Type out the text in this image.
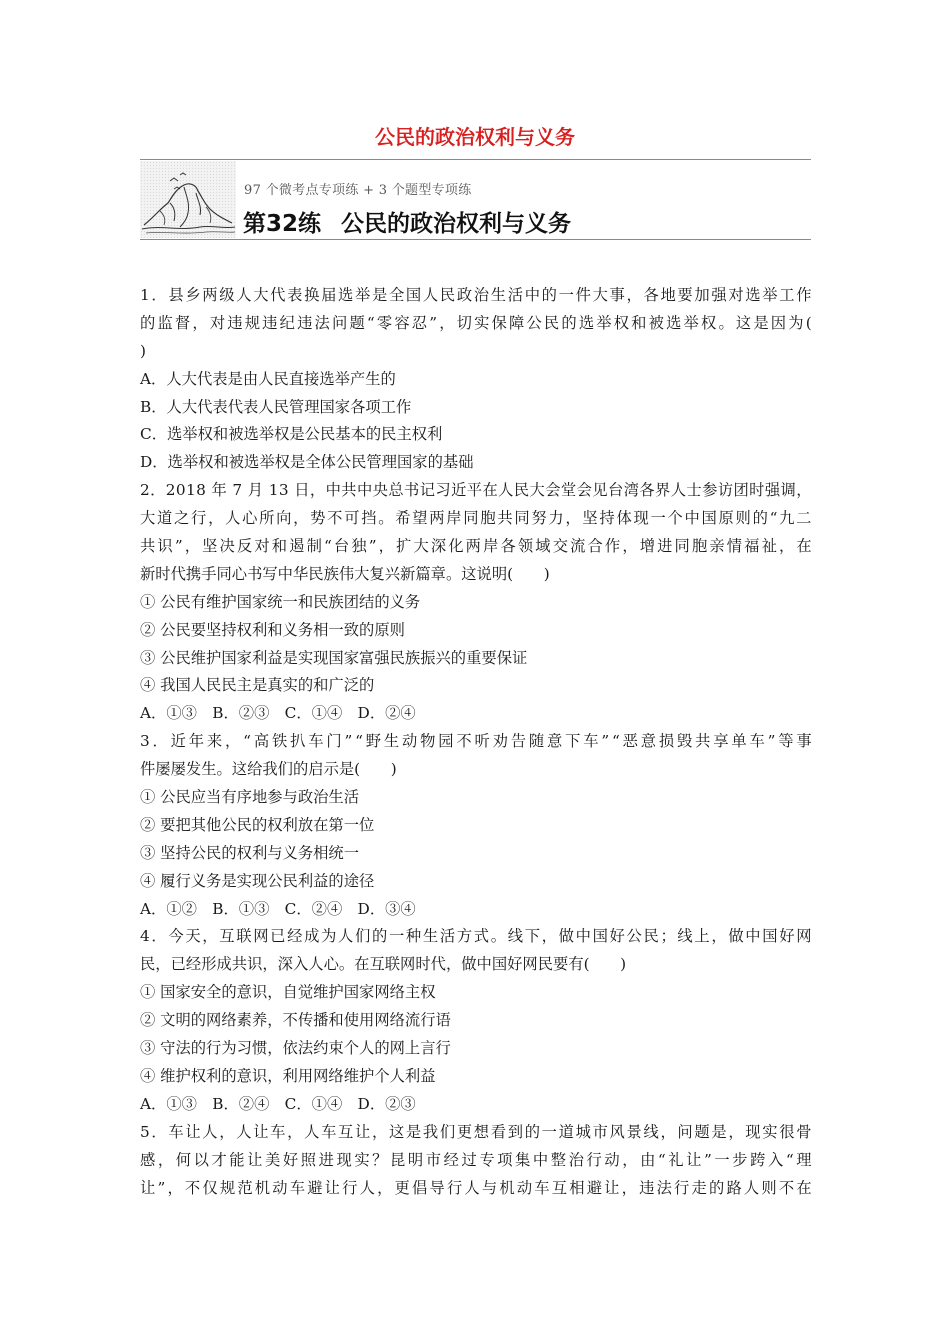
公民的政治权利与义务
97 个微考点专项练 + 3 个题型专项练
第32练 公民的政治权利与义务
1 ． 县 乡 两 级 人 大 代 表 换 届 选 举 是 全 国 人 民 政 治 生 活 中 的 一 件 大 事 ， 各 地 要 加 强 对 选 举 工 作
的 监 督 ， 对 违 规 违 纪 违 法 问 题 “ 零 容 忍 ” ， 切 实 保 障 公 民 的 选 举 权 和 被 选 举 权 。 这 是 因 为 (
)
A．人大代表是由人民直接选举产生的
B．人大代表代表人民管理国家各项工作
C．选举权和被选举权是公民基本的民主权利
D．选举权和被选举权是全体公民管理国家的基础
2 ． 2 0 1 8
年
7
月
1 3
日 ， 中 共 中 央 总 书 记 习 近 平 在 人 民 大 会 堂 会 见 台 湾 各 界 人 士 参 访 团 时 强 调 ，
大 道 之 行 ， 人 心 所 向 ， 势 不 可 挡 。 希 望 两 岸 同 胞 共 同 努 力 ， 坚 持 体 现 一 个 中 国 原 则 的 “ 九 二
共 识 ” ， 坚 决 反 对 和 遏 制 “ 台 独 ” ， 扩 大 深 化 两 岸 各 领 域 交 流 合 作 ， 增 进 同 胞 亲 情 福 祉 ， 在
新时代携手同心书写中华民族伟大复兴新篇章。这说明(　　)
① 公民有维护国家统一和民族团结的义务
② 公民要坚持权利和义务相一致的原则
③ 公民维护国家利益是实现国家富强民族振兴的重要保证
④ 我国人民民主是真实的和广泛的
A．①③　B．②③　C．①④　D．②④
3 ． 近 年 来 ， “ 高 铁 扒 车 门 ” “ 野 生 动 物 园 不 听 劝 告 随 意 下 车 ” “ 恶 意 损 毁 共 享 单 车 ” 等 事
件屡屡发生。这给我们的启示是(　　)
① 公民应当有序地参与政治生活
② 要把其他公民的权利放在第一位
③ 坚持公民的权利与义务相统一
④ 履行义务是实现公民利益的途径
A．①②　B．①③　C．②④　D．③④
4 ． 今 天 ， 互 联 网 已 经 成 为 人 们 的 一 种 生 活 方 式 。 线 下 ， 做 中 国 好 公 民 ； 线 上 ， 做 中 国 好 网
民，已经形成共识，深入人心。在互联网时代，做中国好网民要有(　　)
① 国家安全的意识，自觉维护国家网络主权
② 文明的网络素养，不传播和使用网络流行语
③ 守法的行为习惯，依法约束个人的网上言行
④ 维护权利的意识，利用网络维护个人利益
A．①③　B．②④　C．①④　D．②③
5 ． 车 让 人 ， 人 让 车 ， 人 车 互 让 ， 这 是 我 们 更 想 看 到 的 一 道 城 市 风 景 线 ， 问 题 是 ， 现 实 很 骨
感 ， 何 以 才 能 让 美 好 照 进 现 实 ？ 昆 明 市 经 过 专 项 集 中 整 治 行 动 ， 由 “ 礼 让 ” 一 步 跨 入 “ 理
让 ” ， 不 仅 规 范 机 动 车 避 让 行 人 ， 更 倡 导 行 人 与 机 动 车 互 相 避 让 ， 违 法 行 走 的 路 人 则 不 在
